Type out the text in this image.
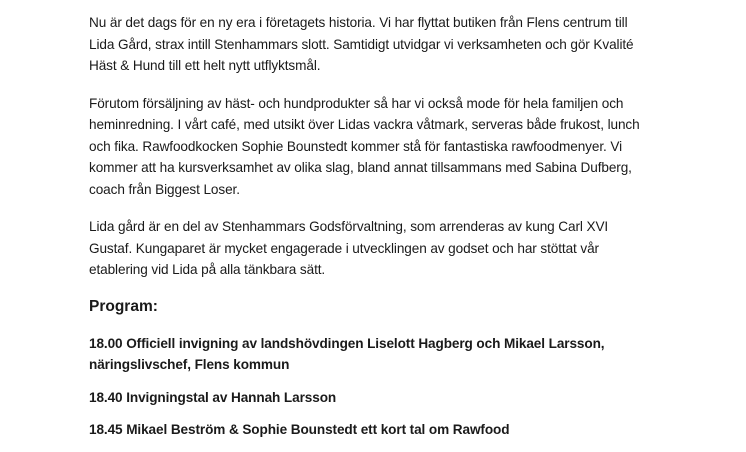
Nu är det dags för en ny era i företagets historia. Vi har flyttat butiken från Flens centrum till
Lida Gård, strax intill Stenhammars slott. Samtidigt utvidgar vi verksamheten och gör Kvalité
Häst & Hund till ett helt nytt utflyktsmål.

Förutom försäljning av häst- och hundprodukter så har vi också mode för hela familjen och
heminredning. I vårt café, med utsikt över Lidas vackra våtmark, serveras både frukost, lunch
och fika. Rawfoodkocken Sophie Bounstedt kommer stå för fantastiska rawfoodmenyer. Vi
kommer att ha kursverksamhet av olika slag, bland annat tillsammans med Sabina Dufberg,
coach från Biggest Loser.

Lida gård är en del av Stenhammars Godsförvaltning, som arrenderas av kung Carl XVI
Gustaf. Kungaparet är mycket engagerade i utvecklingen av godset och har stöttat vår
etablering vid Lida på alla tänkbara sätt.

Program:

18.00 Officiell invigning av landshövdingen Liselott Hagberg och Mikael Larsson,
näringslivschef, Flens kommun

18.40 Invigningstal av Hannah Larsson

18.45 Mikael Beström & Sophie Bounstedt ett kort tal om Rawfood
